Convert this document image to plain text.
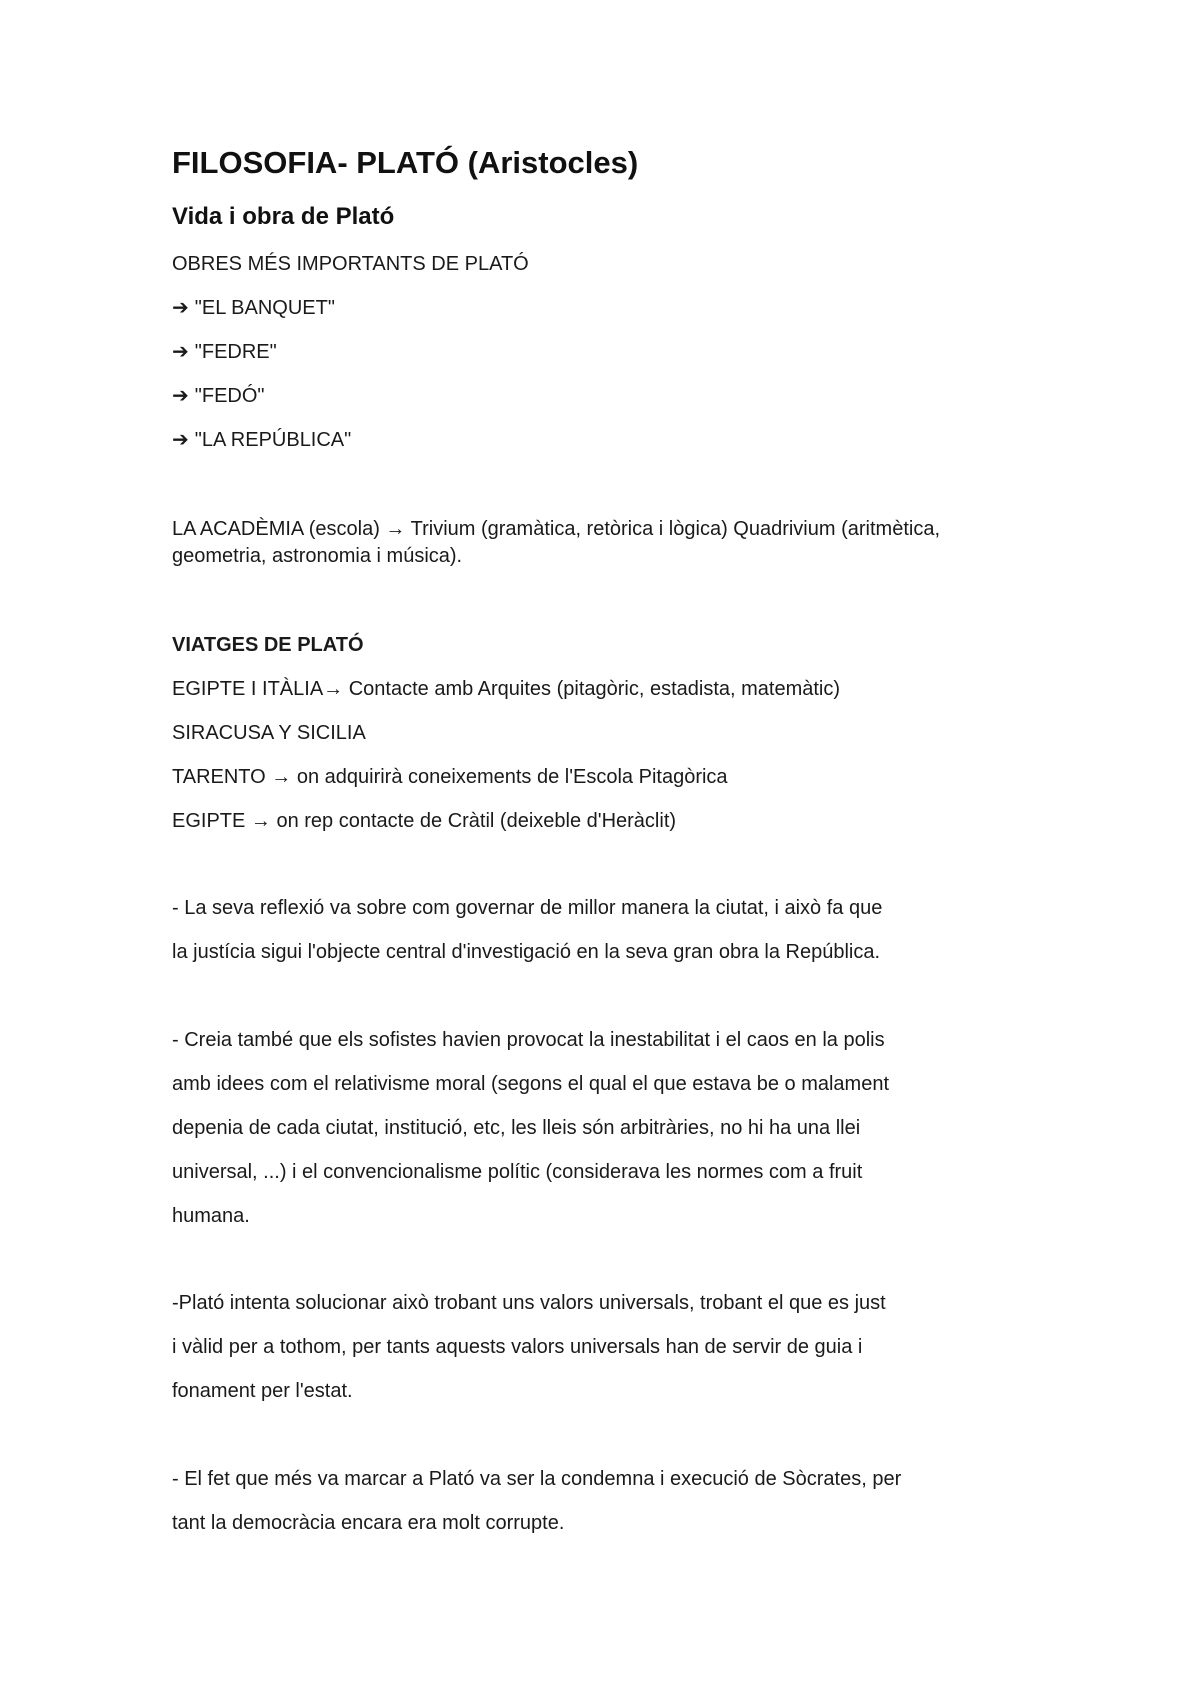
FILOSOFIA- PLATÓ (Aristocles)
Vida i obra de Plató

OBRES MÉS IMPORTANTS DE PLATÓ

➔ "EL BANQUET"

➔ "FEDRE"

➔ "FEDÓ"

➔ "LA REPÚBLICA"

LA ACADÈMIA (escola) → Trivium (gramàtica, retòrica i lògica) Quadrivium (aritmètica,

geometria, astronomia i música).

VIATGES DE PLATÓ

EGIPTE I ITÀLIA→ Contacte amb Arquites (pitagòric, estadista, matemàtic)

SIRACUSA Y SICILIA

TARENTO → on adquirirà coneixements de l'Escola Pitagòrica

EGIPTE → on rep contacte de Cràtil (deixeble d'Heràclit)

- La seva reflexió va sobre com governar de millor manera la ciutat, i això fa que

la justícia sigui l'objecte central d'investigació en la seva gran obra la República.

- Creia també que els sofistes havien provocat la inestabilitat i el caos en la polis

amb idees com el relativisme moral (segons el qual el que estava be o malament

depenia de cada ciutat, institució, etc, les lleis són arbitràries, no hi ha una llei

universal, ...) i el convencionalisme polític (considerava les normes com a fruit

humana.

-Plató intenta solucionar això trobant uns valors universals, trobant el que es just

i vàlid per a tothom, per tants aquests valors universals han de servir de guia i

fonament per l'estat.

- El fet que més va marcar a Plató va ser la condemna i execució de Sòcrates, per

tant la democràcia encara era molt corrupte.
